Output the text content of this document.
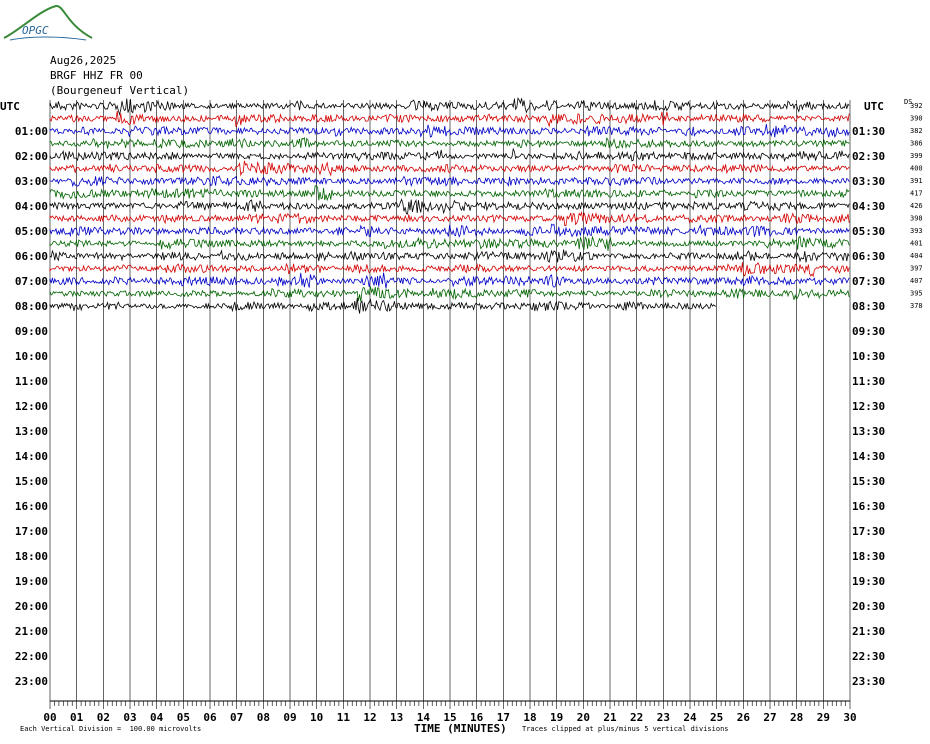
00 01 02 03 04 05 06 07 08 09 10 11 12 13 14 15 16 17 18 19 20 21 22 23 24 25 26 27 28 29 30
01:00
02:00
03:00
04:00
05:00
06:00
07:00
08:00
09:00
10:00
11:00
12:00
13:00
14:00
15:00
16:00
17:00
18:00
19:00
20:00
21:00
22:00
23:00
01:30
02:30
03:30
04:30
05:30
06:30
07:30
08:30
09:30
10:30
11:30
12:30
13:30
14:30
15:30
16:30
17:30
18:30
19:30
20:30
21:30
22:30
23:30
392
390
382
386
399
400
391
417
426
398
393
401
404
397
407
395
378
OPGC
Aug26,2025
BRGF HHZ FR 00
(Bourgeneuf Vertical)
UTC	UTC	DS
Each Vertical Division =  100.00 microvolts	TIME (MINUTES) Traces clipped at plus/minus 5 vertical divisions
